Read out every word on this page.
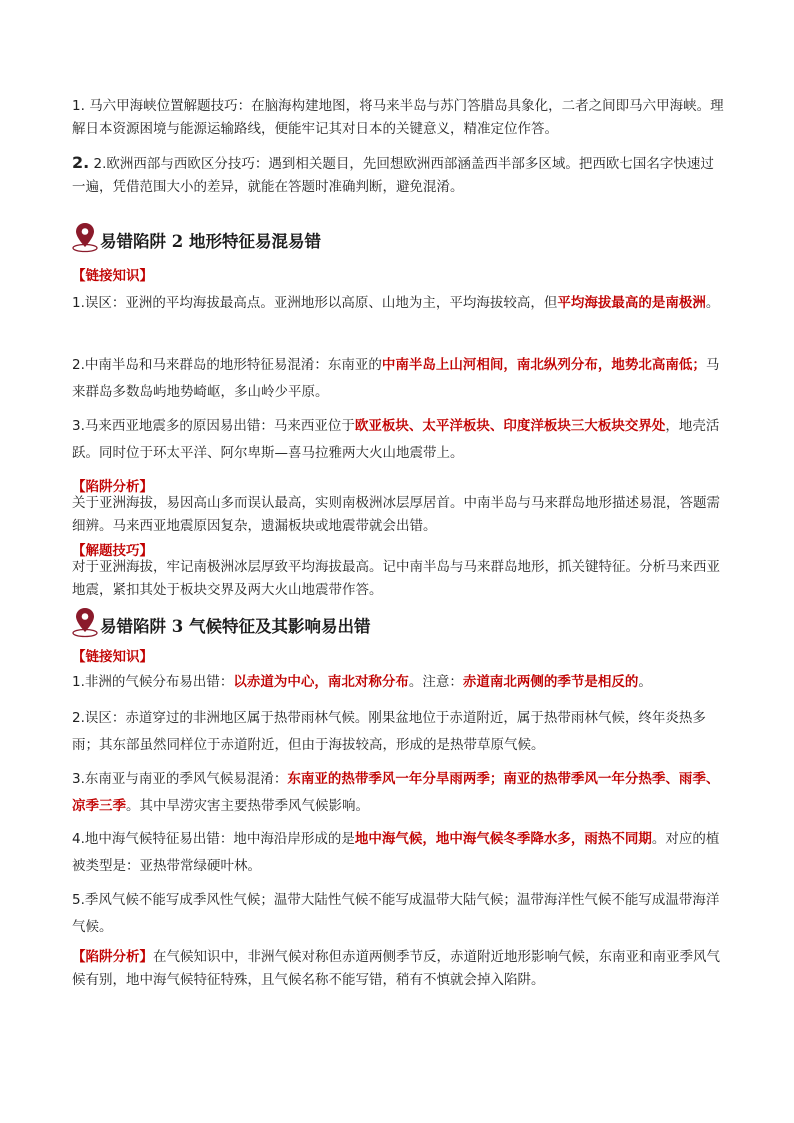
1. 马六甲海峡位置解题技巧：在脑海构建地图，将马来半岛与苏门答腊岛具象化，二者之间即马六甲海峡。理解日本资源困境与能源运输路线，便能牢记其对日本的关键意义，精准定位作答。
2. 2.欧洲西部与西欧区分技巧：遇到相关题目，先回想欧洲西部涵盖西半部多区域。把西欧七国名字快速过一遍，凭借范围大小的差异，就能在答题时准确判断，避免混淆。
易错陷阱 2 地形特征易混易错
【链接知识】
1.误区：亚洲的平均海拔最高点。亚洲地形以高原、山地为主，平均海拔较高，但平均海拔最高的是南极洲。
2.中南半岛和马来群岛的地形特征易混淆：东南亚的中南半岛上山河相间，南北纵列分布，地势北高南低；马来群岛多数岛屿地势崎岖，多山岭少平原。
3.马来西亚地震多的原因易出错：马来西亚位于欧亚板块、太平洋板块、印度洋板块三大板块交界处，地壳活跃。同时位于环太平洋、阿尔卑斯—喜马拉雅两大火山地震带上。
【陷阱分析】
关于亚洲海拔，易因高山多而误认最高，实则南极洲冰层厚居首。中南半岛与马来群岛地形描述易混，答题需细辨。马来西亚地震原因复杂，遗漏板块或地震带就会出错。
【解题技巧】
对于亚洲海拔，牢记南极洲冰层厚致平均海拔最高。记中南半岛与马来群岛地形，抓关键特征。分析马来西亚地震，紧扣其处于板块交界及两大火山地震带作答。
易错陷阱 3 气候特征及其影响易出错
【链接知识】
1.非洲的气候分布易出错：以赤道为中心，南北对称分布。注意：赤道南北两侧的季节是相反的。
2.误区：赤道穿过的非洲地区属于热带雨林气候。刚果盆地位于赤道附近，属于热带雨林气候，终年炎热多雨；其东部虽然同样位于赤道附近，但由于海拔较高，形成的是热带草原气候。
3.东南亚与南亚的季风气候易混淆：东南亚的热带季风一年分旱雨两季；南亚的热带季风一年分热季、雨季、凉季三季。其中旱涝灾害主要热带季风气候影响。
4.地中海气候特征易出错：地中海沿岸形成的是地中海气候，地中海气候冬季降水多，雨热不同期。对应的植被类型是：亚热带常绿硬叶林。
5.季风气候不能写成季风性气候；温带大陆性气候不能写成温带大陆气候；温带海洋性气候不能写成温带海洋气候。
【陷阱分析】在气候知识中，非洲气候对称但赤道两侧季节反，赤道附近地形影响气候，东南亚和南亚季风气候有别，地中海气候特征特殊，且气候名称不能写错，稍有不慎就会掉入陷阱。
